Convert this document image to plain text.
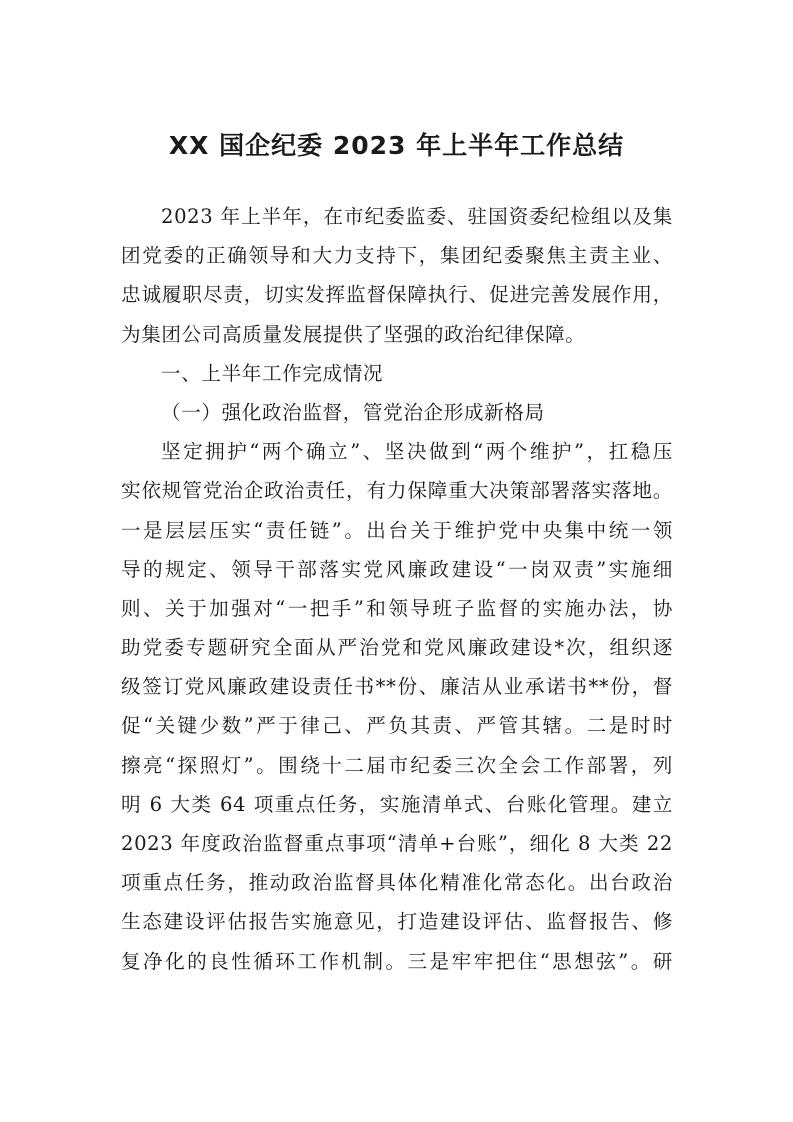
XX 国企纪委 2023 年上半年工作总结
2023 年上半年，在市纪委监委、驻国资委纪检组以及集
团党委的正确领导和大力支持下，集团纪委聚焦主责主业、
忠诚履职尽责，切实发挥监督保障执行、促进完善发展作用，
为集团公司高质量发展提供了坚强的政治纪律保障。
一、上半年工作完成情况
（一）强化政治监督，管党治企形成新格局
坚定拥护“两个确立”、坚决做到“两个维护”，扛稳压
实依规管党治企政治责任，有力保障重大决策部署落实落地。
一是层层压实“责任链”。出台关于维护党中央集中统一领
导的规定、领导干部落实党风廉政建设“一岗双责”实施细
则、关于加强对“一把手”和领导班子监督的实施办法，协
助党委专题研究全面从严治党和党风廉政建设*次，组织逐
级签订党风廉政建设责任书**份、廉洁从业承诺书**份，督
促“关键少数”严于律己、严负其责、严管其辖。二是时时
擦亮“探照灯”。围绕十二届市纪委三次全会工作部署，列
明 6 大类 64 项重点任务，实施清单式、台账化管理。建立
2023 年度政治监督重点事项“清单+台账”，细化 8 大类 22
项重点任务，推动政治监督具体化精准化常态化。出台政治
生态建设评估报告实施意见，打造建设评估、监督报告、修
复净化的良性循环工作机制。三是牢牢把住“思想弦”。研
